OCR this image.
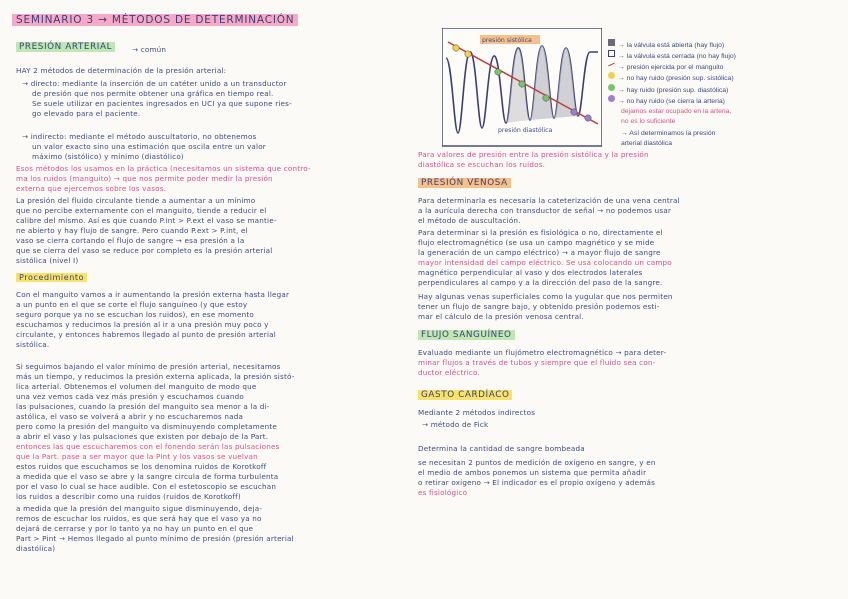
SEMINARIO 3 → MÉTODOS DE DETERMINACIÓN
PRESIÓN ARTERIAL	→ común
HAY 2 métodos de determinación de la presión arterial:
→ directo: mediante la inserción de un catéter unido a un transductor
de presión que nos permite obtener una gráfica en tiempo real.
Se suele utilizar en pacientes ingresados en UCI ya que supone ries-
go elevado para el paciente.
→ indirecto: mediante el método auscultatorio, no obtenemos
un valor exacto sino una estimación que oscila entre un valor
máximo (sistólico) y mínimo (diastólico)
Esos métodos los usamos en la práctica (necesitamos un sistema que contro-
ma los ruidos (manguito) → que nos permite poder medir la presión
externa que ejercemos sobre los vasos.
La presión del fluido circulante tiende a aumentar a un mínimo
que no percibe externamente con el manguito, tiende a reducir el
calibre del mismo. Así es que cuando P.int > P.ext el vaso se mantie-
ne abierto y hay flujo de sangre. Pero cuando P.ext > P.int, el
vaso se cierra cortando el flujo de sangre → esa presión a la
que se cierra del vaso se reduce por completo es la presión arterial
sistólica (nivel I)
Procedimiento
Con el manguito vamos a ir aumentando la presión externa hasta llegar
a un punto en el que se corte el flujo sanguíneo (y que estoy
seguro porque ya no se escuchan los ruidos), en ese momento
escuchamos y reducimos la presión al ir a una presión muy poco y
circulante, y entonces habremos llegado al punto de presión arterial
sistólica.
Si seguimos bajando el valor mínimo de presión arterial, necesitamos
más un tiempo, y reducimos la presión externa aplicada, la presión sistó-
lica arterial. Obtenemos el volumen del manguito de modo que
una vez vemos cada vez más presión y escuchamos cuando
las pulsaciones, cuando la presión del manguito sea menor a la di-
astólica, el vaso se volverá a abrir y no escucharemos nada
pero como la presión del manguito va disminuyendo completamente
a abrir el vaso y las pulsaciones que existen por debajo de la Part.
entonces las que escucharemos con el fonendo serán las pulsaciones
que la Part. pase a ser mayor que la Pint y los vasos se vuelvan
estos ruidos que escuchamos se los denomina ruidos de Korotkoff
a medida que el vaso se abre y la sangre circula de forma turbulenta
por el vaso lo cual se hace audible. Con el estetoscopio se escuchan
los ruidos a describir como una ruidos (ruidos de Korotkoff)
a medida que la presión del manguito sigue disminuyendo, deja-
remos de escuchar los ruidos, es que será hay que el vaso ya no
dejará de cerrarse y por lo tanto ya no hay un punto en el que
Part > Pint → Hemos llegado al punto mínimo de presión (presión arterial
diastólica)
presión sistólica
presión diastólica
→ la válvula está abierta (hay flujo)
→ la válvula está cerrada (no hay flujo)
→ presión ejercida por el manguito
→ no hay ruido (presión sup. sistólica)
→ hay ruido (presión sup. diastólica)
→ no hay ruido (se cierra la arteria)
dejamos estar ocupado en la arteria,
no es lo suficiente
→ Así determinamos la presión
arterial diastólica
Para valores de presión entre la presión sistólica y la presión
diastólica se escuchan los ruidos.
PRESIÓN VENOSA
Para determinarla es necesaria la cateterización de una vena central
a la aurícula derecha con transductor de señal → no podemos usar
el método de auscultación.
Para determinar si la presión es fisiológica o no, directamente el
flujo electromagnético (se usa un campo magnético y se mide
la generación de un campo eléctrico) → a mayor flujo de sangre
mayor intensidad del campo eléctrico. Se usa colocando un campo
magnético perpendicular al vaso y dos electrodos laterales
perpendiculares al campo y a la dirección del paso de la sangre.
Hay algunas venas superficiales como la yugular que nos permiten
tener un flujo de sangre bajo, y obtenido presión podemos esti-
mar el cálculo de la presión venosa central.
FLUJO SANGUÍNEO
Evaluado mediante un flujómetro electromagnético → para deter-
minar flujos a través de tubos y siempre que el fluido sea con-
ductor eléctrico.
GASTO CARDÍACO
Mediante 2 métodos indirectos
→ método de Fick
Determina la cantidad de sangre bombeada
se necesitan 2 puntos de medición de oxígeno en sangre, y en
el medio de ambos ponemos un sistema que permita añadir
o retirar oxígeno → El indicador es el propio oxígeno y además
es fisiológico
